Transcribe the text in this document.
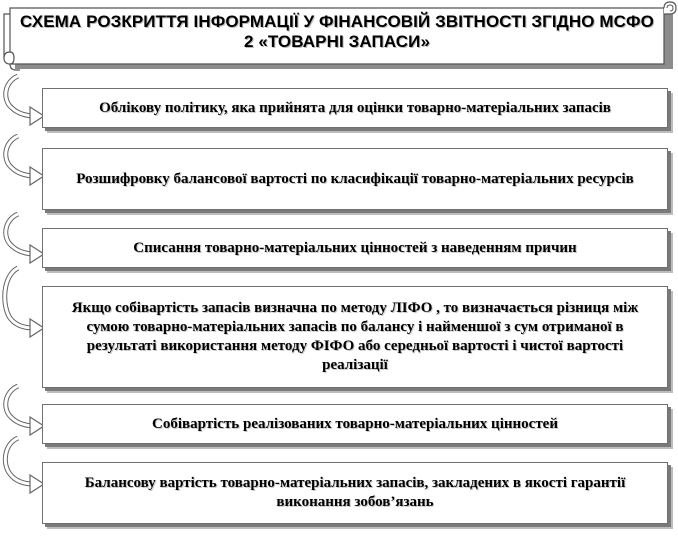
СХЕМА РОЗКРИТТЯ ІНФОРМАЦІЇ У ФІНАНСОВІЙ ЗВІТНОСТІ ЗГІДНО МСФО 2 «ТОВАРНІ ЗАПАСИ»
Облікову політику, яка прийнята для оцінки товарно-матеріальних запасів
Розшифровку балансової вартості по класифікації товарно-матеріальних ресурсів
Списання товарно-матеріальних цінностей з наведенням причин
Якщо собівартість запасів визначна по методу ЛІФО , то визначається різниця між сумою товарно-матеріальних запасів по балансу і найменшої з сум отриманої в результаті використання методу ФІФО або середньої вартості і чистої вартості реалізації
Собівартість реалізованих товарно-матеріальних цінностей
Балансову вартість товарно-матеріальних запасів, закладених в якості гарантії виконання зобов’язань
